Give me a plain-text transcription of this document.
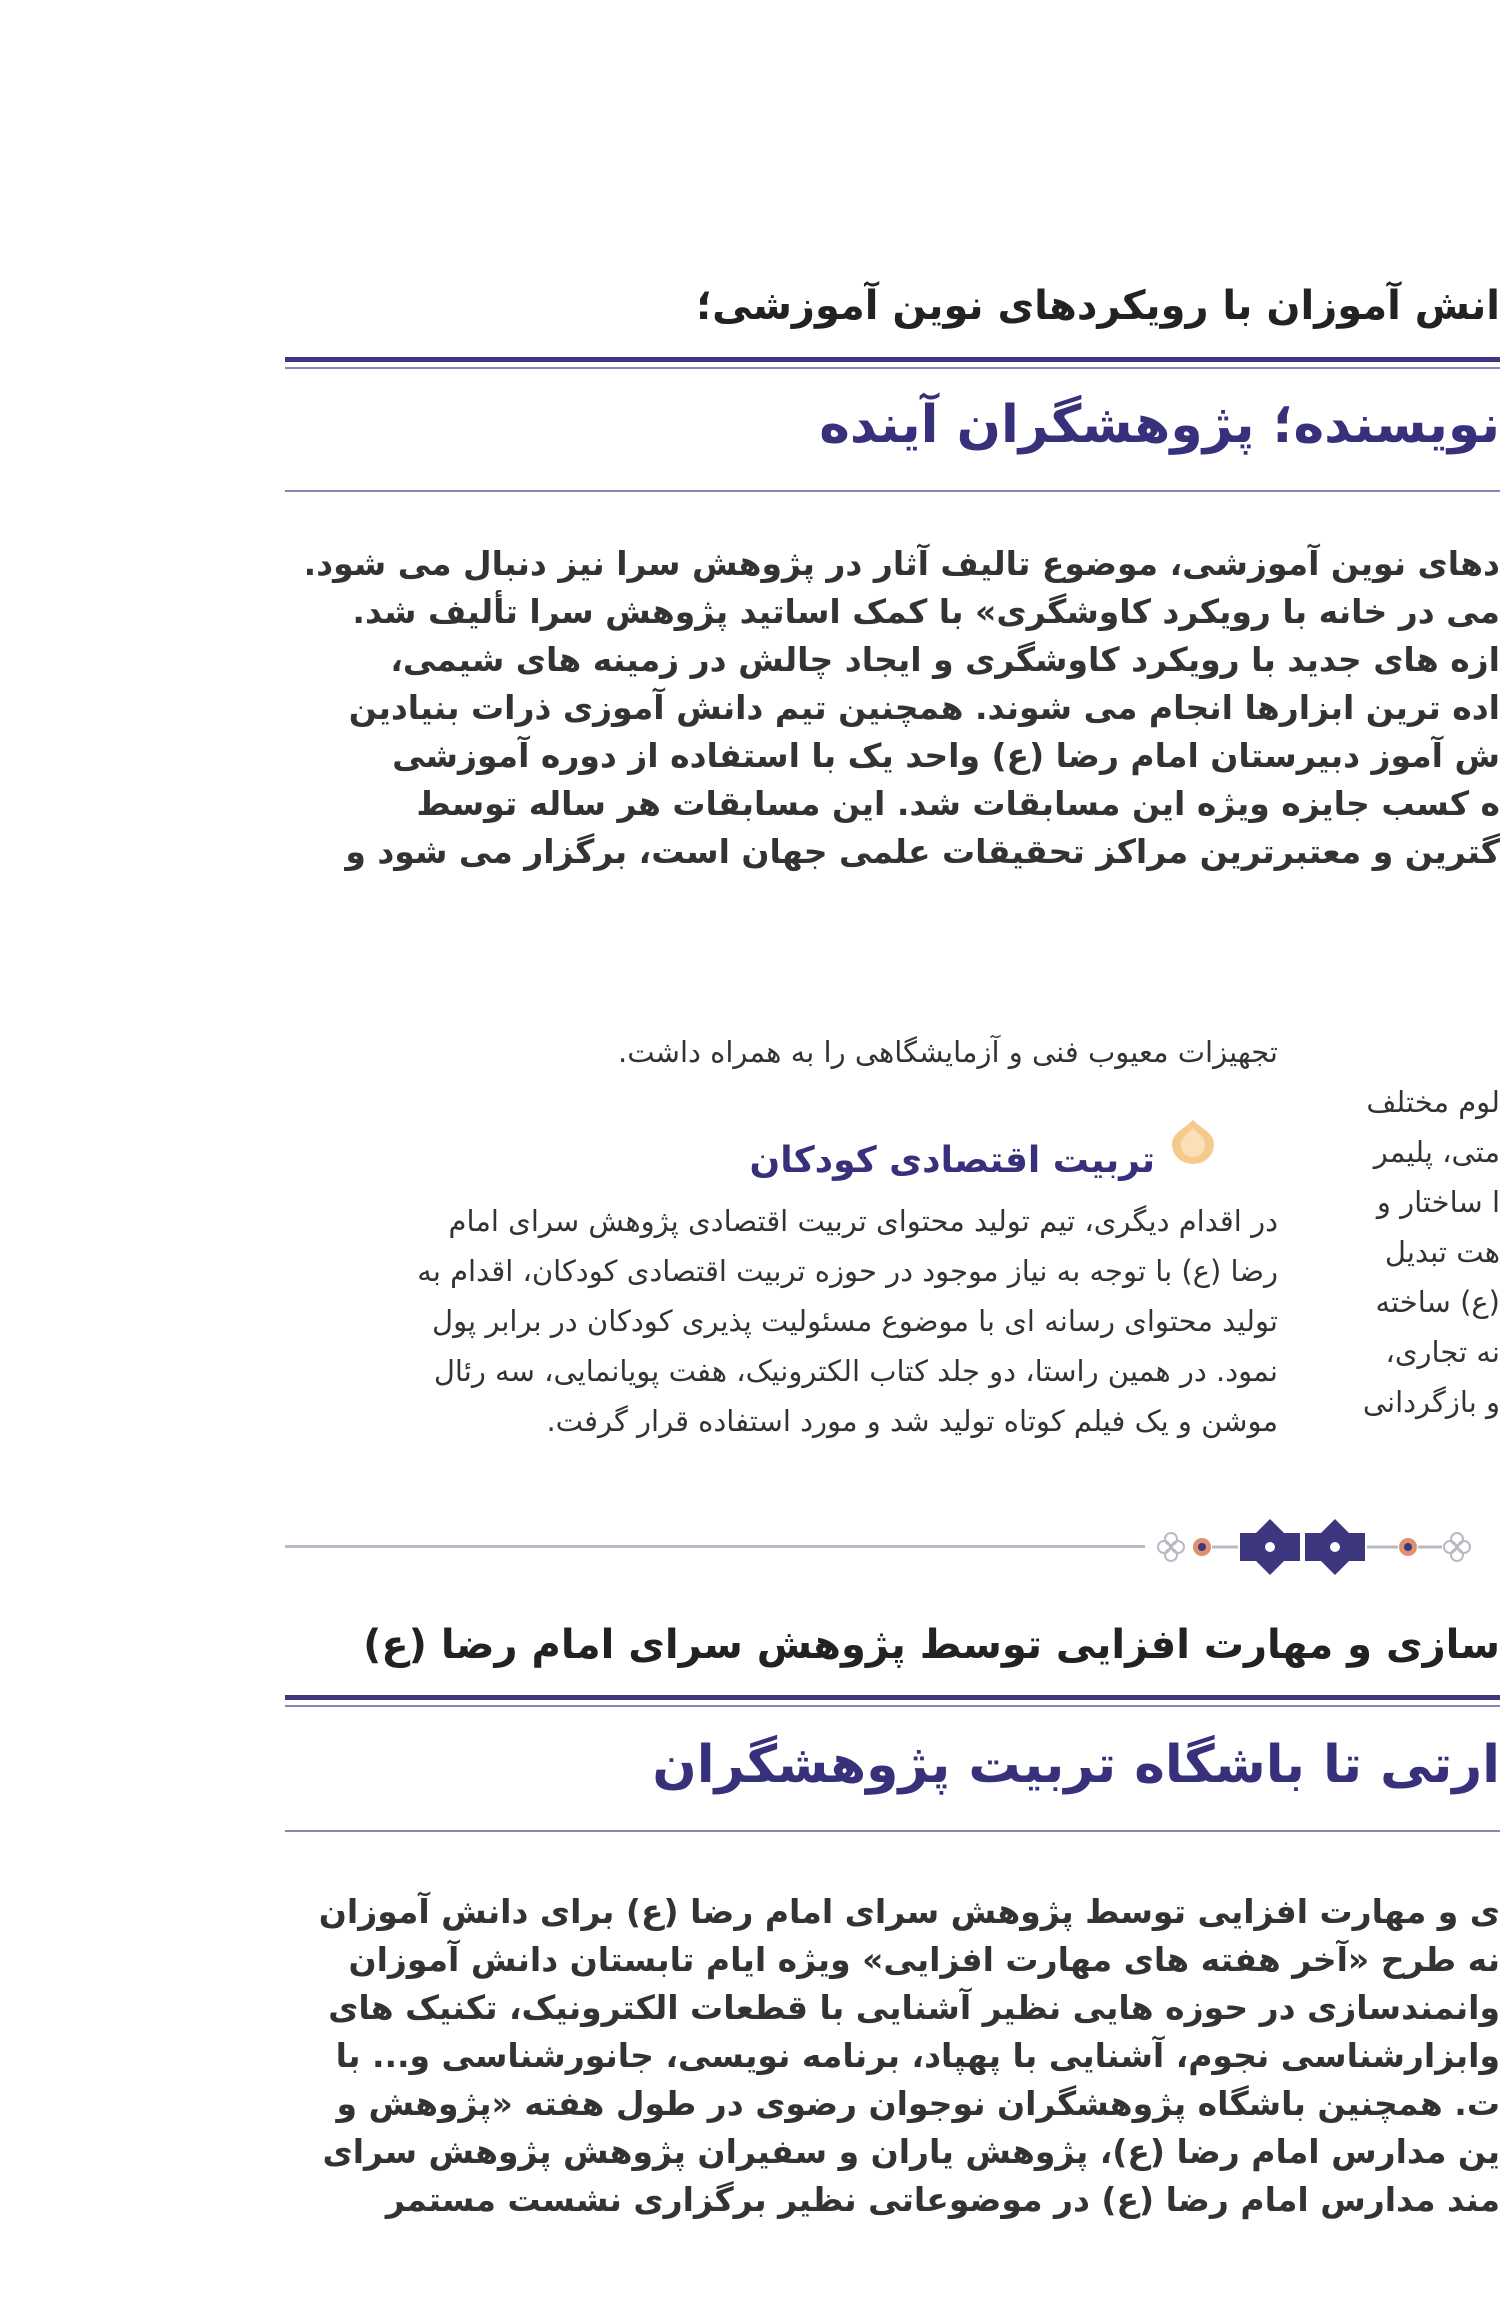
انش آموزان با رویکردهای نوین آموزشی؛
نویسنده؛ پژوهشگران آینده
دهای نوین آموزشی، موضوع تالیف آثار در پژوهش سرا نیز دنبال می شود.
می در خانه با رویکرد کاوشگری» با کمک اساتید پژوهش سرا تألیف شد.
ازه های جدید با رویکرد کاوشگری و ایجاد چالش در زمینه های شیمی،
اده ترین ابزارها انجام می شوند. همچنین تیم دانش آموزی ذرات بنیادین
ش آموز دبیرستان امام رضا (ع) واحد یک با استفاده از دوره آموزشی
ه کسب جایزه ویژه این مسابقات شد. این مسابقات هر ساله توسط
گترین و معتبرترین مراکز تحقیقات علمی جهان است، برگزار می شود و
لوم مختلف
متی، پلیمر
ا ساختار و
هت تبدیل
(ع) ساخته
نه تجاری،
و بازگردانی
تجهیزات معیوب فنی و آزمایشگاهی را به همراه داشت.
تربیت اقتصادی کودکان
در اقدام دیگری، تیم تولید محتوای تربیت اقتصادی پژوهش سرای امام
رضا (ع) با توجه به نیاز موجود در حوزه تربیت اقتصادی کودکان، اقدام به
تولید محتوای رسانه ای با موضوع مسئولیت پذیری کودکان در برابر پول
نمود. در همین راستا، دو جلد کتاب الکترونیک، هفت پویانمایی، سه رئال
موشن و یک فیلم کوتاه تولید شد و مورد استفاده قرار گرفت.
سازی و مهارت افزایی توسط پژوهش سرای امام رضا (ع)
ارتی تا باشگاه تربیت پژوهشگران
ی و مهارت افزایی توسط پژوهش سرای امام رضا (ع) برای دانش آموزان
نه طرح «آخر هفته های مهارت افزایی» ویژه ایام تابستان دانش آموزان
وانمندسازی در حوزه هایی نظیر آشنایی با قطعات الکترونیک، تکنیک های
وابزارشناسی نجوم، آشنایی با پهپاد، برنامه نویسی، جانورشناسی و... با
ت. همچنین باشگاه پژوهشگران نوجوان رضوی در طول هفته «پژوهش و
ین مدارس امام رضا (ع)، پژوهش یاران و سفیران پژوهش پژوهش سرای
مند مدارس امام رضا (ع) در موضوعاتی نظیر برگزاری نشست مستمر
